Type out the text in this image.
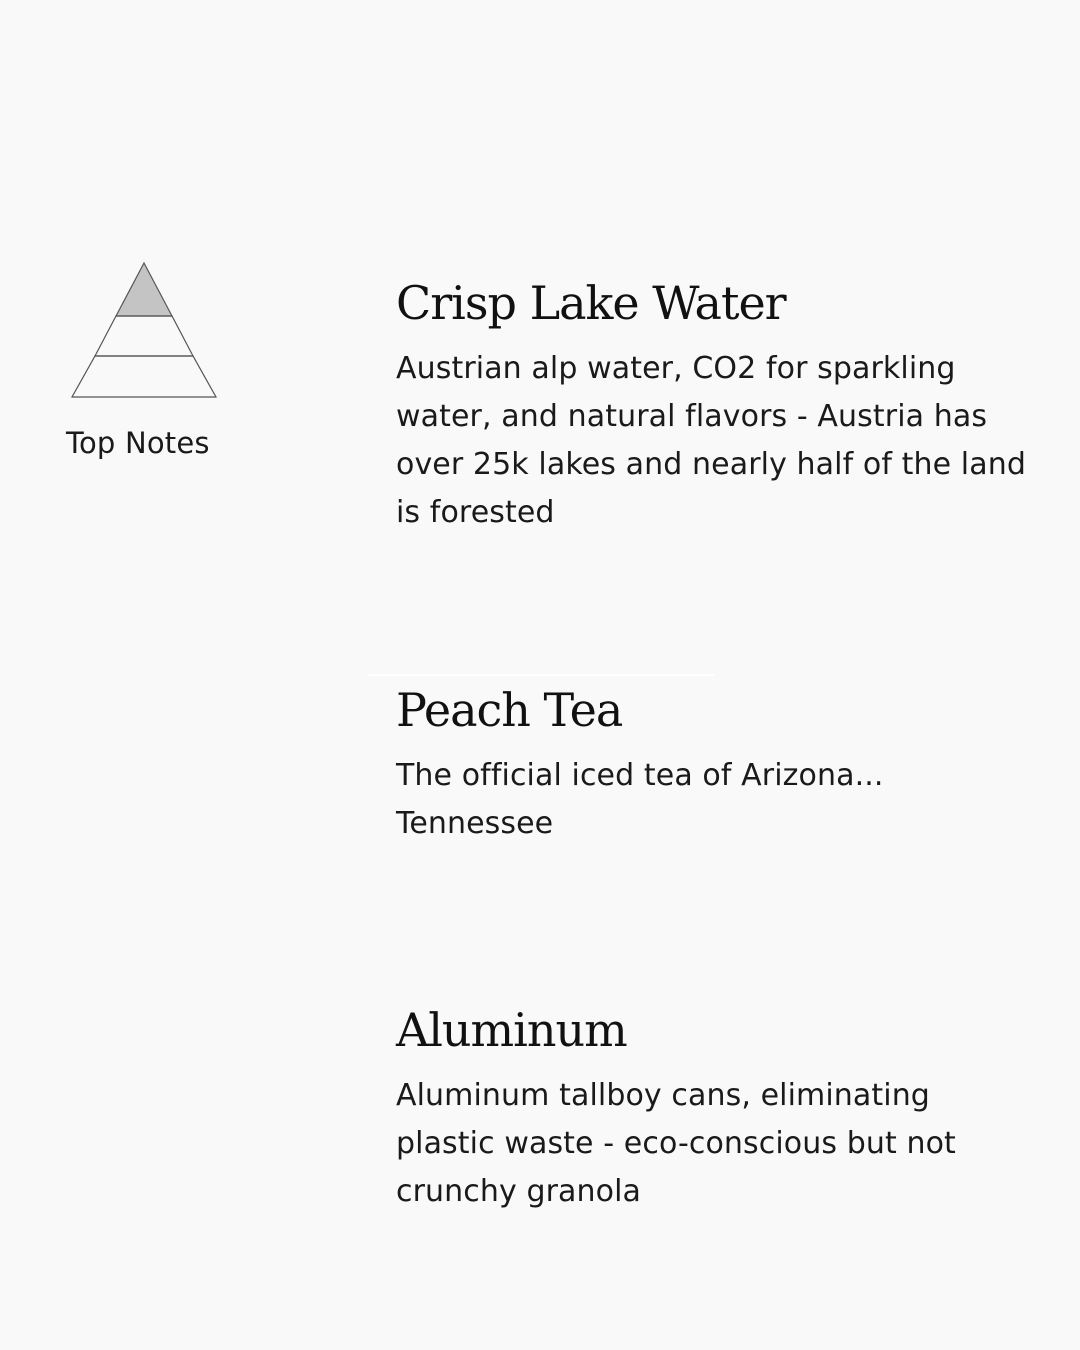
Top Notes
Crisp Lake Water

Austrian alp water, CO2 for sparkling water, and natural flavors - Austria has over 25k lakes and nearly half of the land is forested

Peach Tea

The official iced tea of Arizona... Tennessee

Aluminum

Aluminum tallboy cans, eliminating plastic waste - eco-conscious but not crunchy granola
